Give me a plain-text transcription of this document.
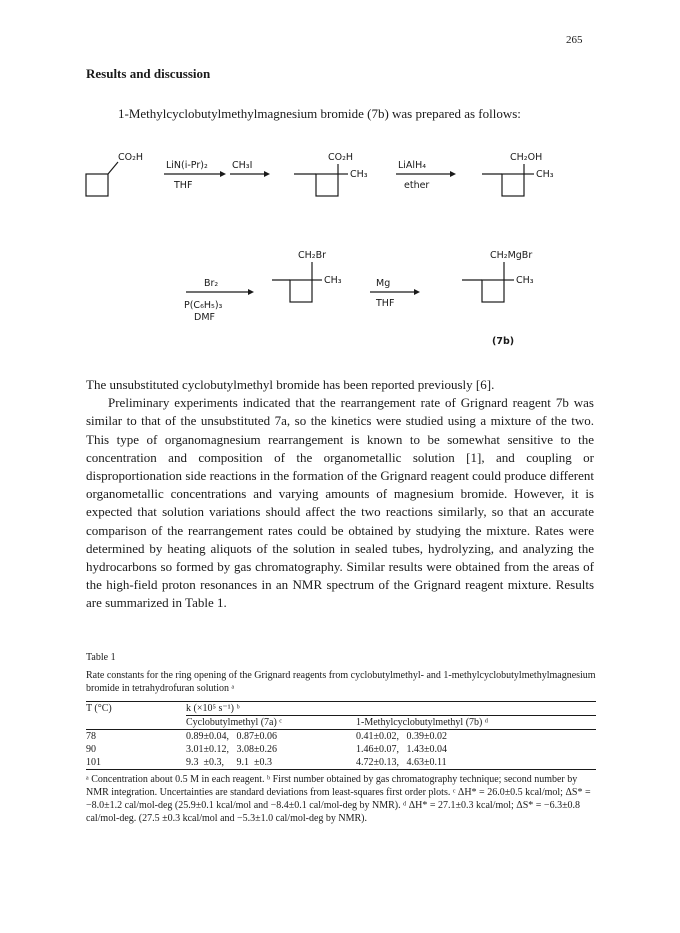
265
Results and discussion
1-Methylcyclobutylmethylmagnesium bromide (7b) was prepared as follows:
CO₂H
LiN(i-Pr)₂
THF
CH₃I
CO₂H
CH₃
LiAlH₄
ether
CH₂OH
CH₃
Br₂
P(C₆H₅)₃
DMF
CH₂Br
CH₃	Mg
THF
CH₂MgBr
CH₃
(7b)

The unsubstituted cyclobutylmethyl bromide has been reported previously [6].

Preliminary experiments indicated that the rearrangement rate of Grignard reagent 7b was similar to that of the unsubstituted 7a, so the kinetics were studied using a mixture of the two. This type of organomagnesium rearrangement is known to be somewhat sensitive to the concentration and composition of the organometallic solution [1], and coupling or disproportionation side reactions in the formation of the Grignard reagent could produce different organometallic concentrations and varying amounts of magnesium bromide. However, it is expected that solution variations should affect the two reactions similarly, so that an accurate comparison of the rearrangement rates could be obtained by studying the mixture. Rates were determined by heating aliquots of the solution in sealed tubes, hydrolyzing, and analyzing the hydrocarbons so formed by gas chromatography. Similar results were obtained from the areas of the high-field proton resonances in an NMR spectrum of the Grignard reagent mixture. Results are summarized in Table 1.

Table 1
Rate constants for the ring opening of the Grignard reagents from cyclobutylmethyl- and 1-methylcyclobutylmethylmagnesium bromide in tetrahydrofuran solution ᵃ
T (°C)	k (×10⁵ s⁻¹) ᵇ	
	Cyclobutylmethyl (7a) ᶜ	1-Methylcyclobutylmethyl (7b) ᵈ
78	0.89±0.04,   0.87±0.06	0.41±0.02,   0.39±0.02
90	3.01±0.12,   3.08±0.26	1.46±0.07,   1.43±0.04
101	9.3  ±0.3,     9.1  ±0.3	4.72±0.13,   4.63±0.11
ᵃ Concentration about 0.5 M in each reagent. ᵇ First number obtained by gas chromatography technique; second number by NMR integration. Uncertainties are standard deviations from least-squares first order plots. ᶜ ΔH* = 26.0±0.5 kcal/mol; ΔS* = −8.0±1.2 cal/mol-deg (25.9±0.1 kcal/mol and −8.4±0.1 cal/mol-deg by NMR). ᵈ ΔH* = 27.1±0.3 kcal/mol; ΔS* = −6.3±0.8 cal/mol-deg. (27.5 ±0.3 kcal/mol and −5.3±1.0 cal/mol-deg by NMR).
